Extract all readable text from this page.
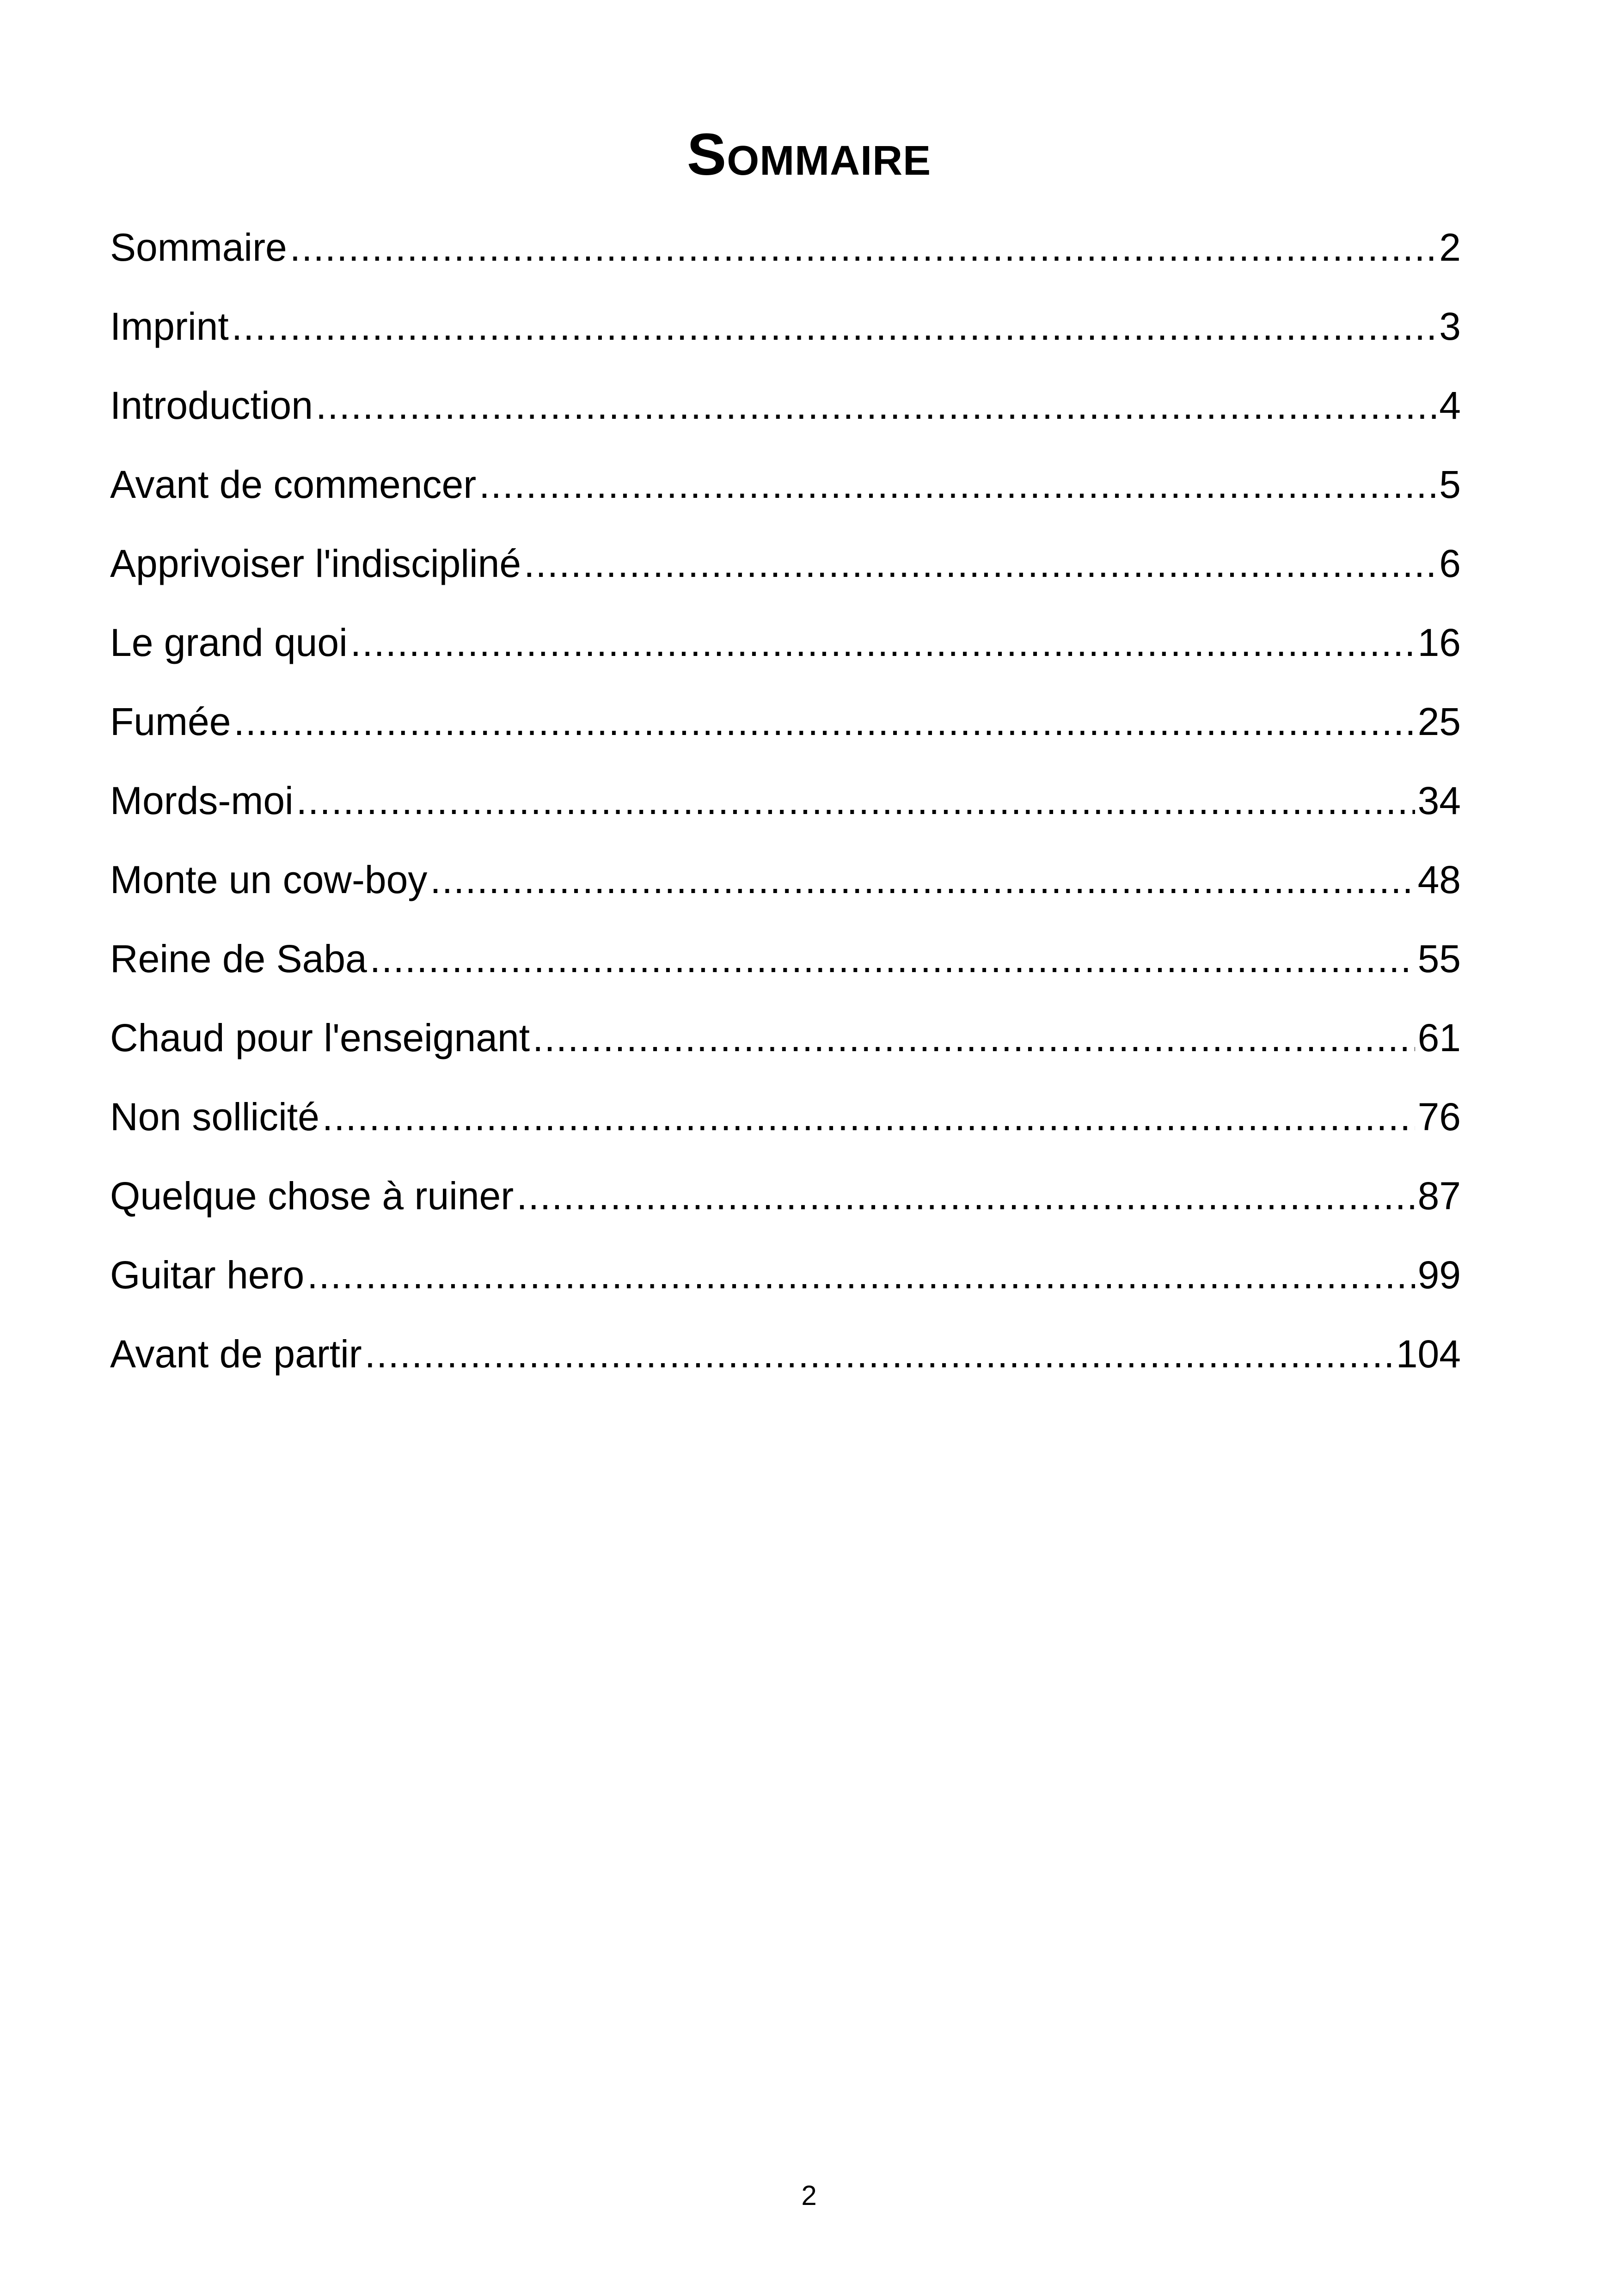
Sommaire
Sommaire .....	2
Imprint .....	3
Introduction .....	4
Avant de commencer .....	5
Apprivoiser l'indiscipliné .....	6
Le grand quoi .....	16
Fumée .....	25
Mords-moi .....	34
Monte un cow-boy .....	48
Reine de Saba .....	55
Chaud pour l'enseignant .....	61
Non sollicité .....	76
Quelque chose à ruiner .....	87
Guitar hero .....	99
Avant de partir .....	104
2
